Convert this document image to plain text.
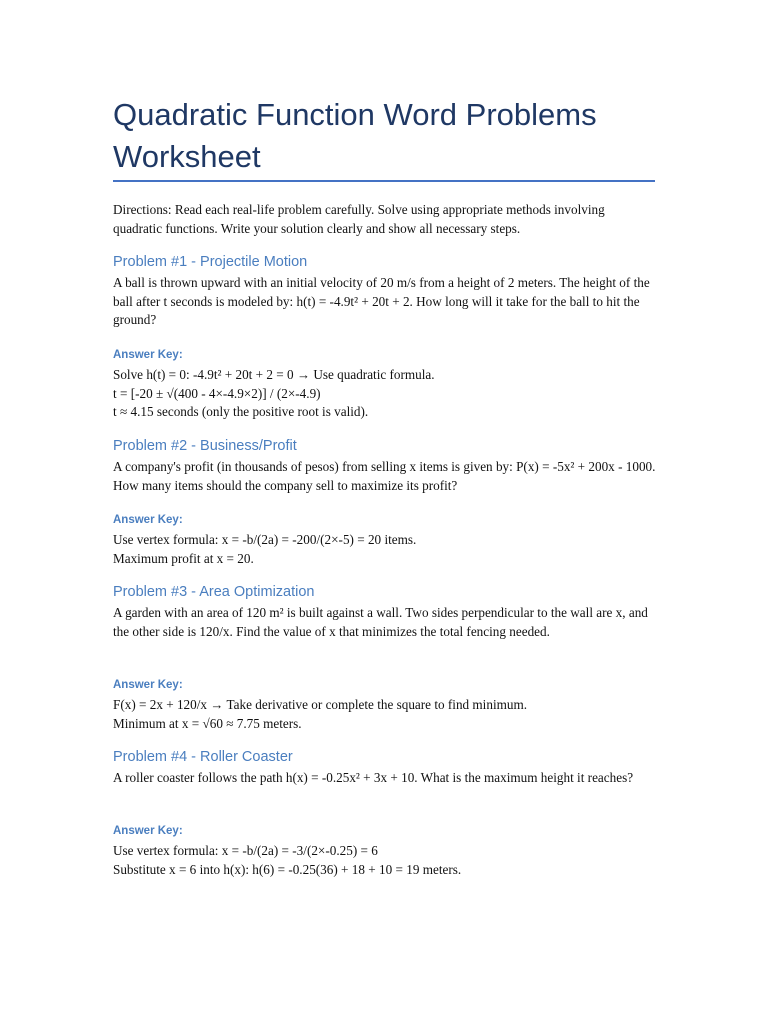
Quadratic Function Word Problems Worksheet

Directions: Read each real-life problem carefully. Solve using appropriate methods involving quadratic functions. Write your solution clearly and show all necessary steps.

Problem #1 - Projectile Motion

A ball is thrown upward with an initial velocity of 20 m/s from a height of 2 meters. The height of the ball after t seconds is modeled by: h(t) = -4.9t² + 20t + 2. How long will it take for the ball to hit the ground?

Answer Key:

Solve h(t) = 0: -4.9t² + 20t + 2 = 0 → Use quadratic formula.

t = [-20 ± √(400 - 4×-4.9×2)] / (2×-4.9)

t ≈ 4.15 seconds (only the positive root is valid).

Problem #2 - Business/Profit

A company's profit (in thousands of pesos) from selling x items is given by: P(x) = -5x² + 200x - 1000. How many items should the company sell to maximize its profit?

Answer Key:

Use vertex formula: x = -b/(2a) = -200/(2×-5) = 20 items.

Maximum profit at x = 20.

Problem #3 - Area Optimization

A garden with an area of 120 m² is built against a wall. Two sides perpendicular to the wall are x, and the other side is 120/x. Find the value of x that minimizes the total fencing needed.

Answer Key:

F(x) = 2x + 120/x → Take derivative or complete the square to find minimum.

Minimum at x = √60 ≈ 7.75 meters.

Problem #4 - Roller Coaster

A roller coaster follows the path h(x) = -0.25x² + 3x + 10. What is the maximum height it reaches?

Answer Key:

Use vertex formula: x = -b/(2a) = -3/(2×-0.25) = 6

Substitute x = 6 into h(x): h(6) = -0.25(36) + 18 + 10 = 19 meters.
